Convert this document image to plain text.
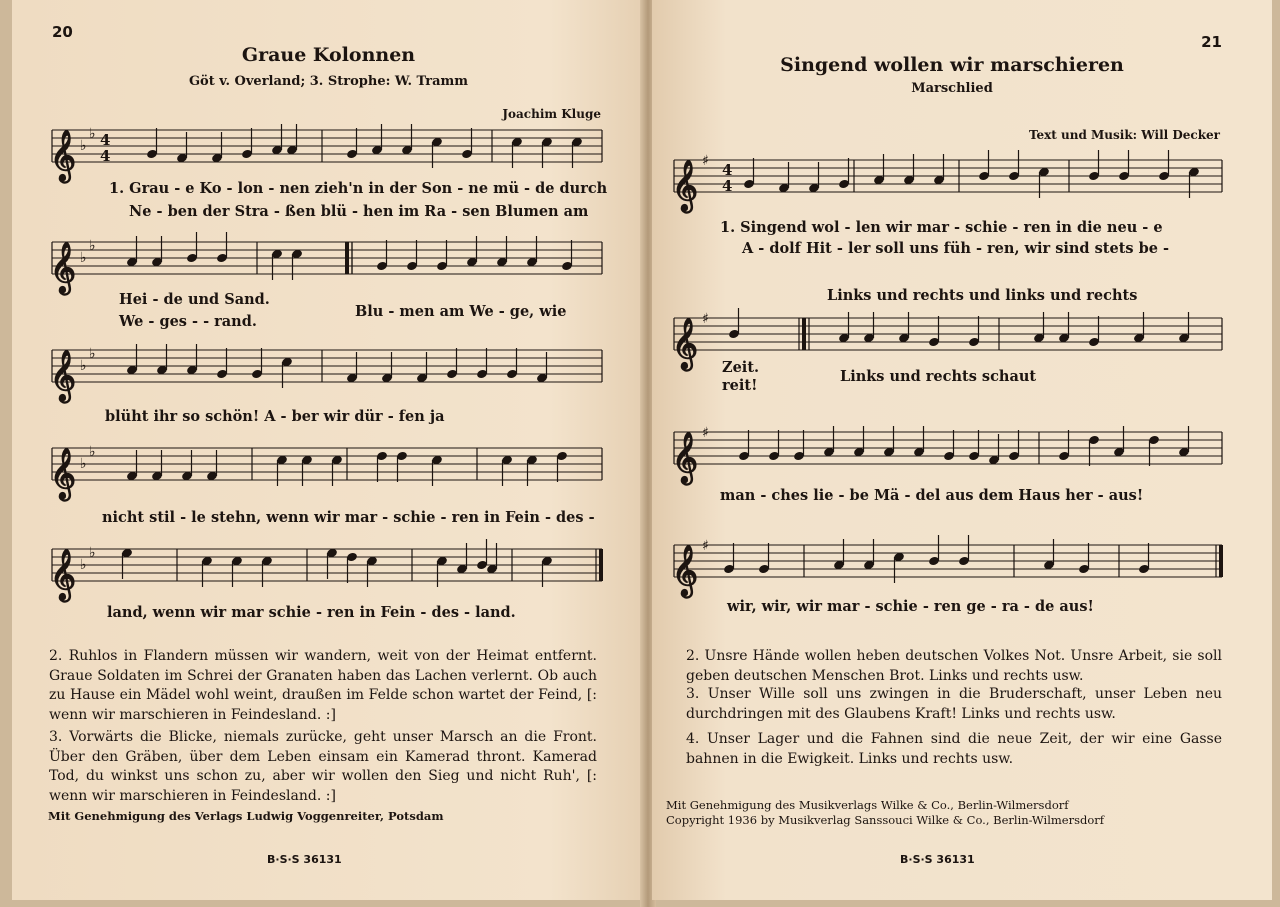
20
Graue Kolonnen
Göt v. Overland; 3. Strophe: W. Tramm
Joachim Kluge
𝄞 ♭
♭ 4
4
1. Grau - e Ko - lon - nen zieh'n in der Son - ne mü - de durch
Ne - ben der Stra - ßen blü - hen im Ra - sen Blumen am
𝄞 ♭
♭
Hei - de und Sand.
We - ges - - rand.
Blu - men am We - ge, wie
𝄞 ♭
♭
blüht ihr so schön! A - ber wir dür - fen ja
𝄞 ♭
♭
nicht stil - le stehn, wenn wir mar - schie - ren in Fein - des -
𝄞 ♭
♭
land, wenn wir mar schie - ren in Fein - des - land.
2. Ruhlos in Flandern müssen wir wandern, weit von der Heimat entfernt. Graue Soldaten im Schrei der Granaten haben das Lachen verlernt. Ob auch zu Hause ein Mädel wohl weint, draußen im Felde schon wartet der Feind, [: wenn wir marschieren in Feindesland. :]
3. Vorwärts die Blicke, niemals zurücke, geht unser Marsch an die Front. Über den Gräben, über dem Leben einsam ein Kamerad thront. Kamerad Tod, du winkst uns schon zu, aber wir wollen den Sieg und nicht Ruh', [: wenn wir marschieren in Feindesland. :]
Mit Genehmigung des Verlags Ludwig Voggenreiter, Potsdam
B·S·S 36131
21
Singend wollen wir marschieren
Marschlied
Text und Musik: Will Decker
𝄞 ♯ 4
4
1. Singend wol - len wir mar - schie - ren in die neu - e
A - dolf Hit - ler soll uns füh - ren, wir sind stets be -
Links und rechts und links und rechts
𝄞 ♯
Zeit.
reit!
Links und rechts schaut
𝄞 ♯
man - ches lie - be Mä - del aus dem Haus her - aus!
𝄞 ♯
wir, wir, wir mar - schie - ren ge - ra - de aus!
2. Unsre Hände wollen heben deutschen Volkes Not. Unsre Arbeit, sie soll geben deutschen Menschen Brot. Links und rechts usw.
3. Unser Wille soll uns zwingen in die Bruderschaft, unser Leben neu durchdringen mit des Glaubens Kraft! Links und rechts usw.
4. Unser Lager und die Fahnen sind die neue Zeit, der wir eine Gasse bahnen in die Ewigkeit. Links und rechts usw.
Mit Genehmigung des Musikverlags Wilke & Co., Berlin-Wilmersdorf
Copyright 1936 by Musikverlag Sanssouci Wilke & Co., Berlin-Wilmersdorf
B·S·S 36131
